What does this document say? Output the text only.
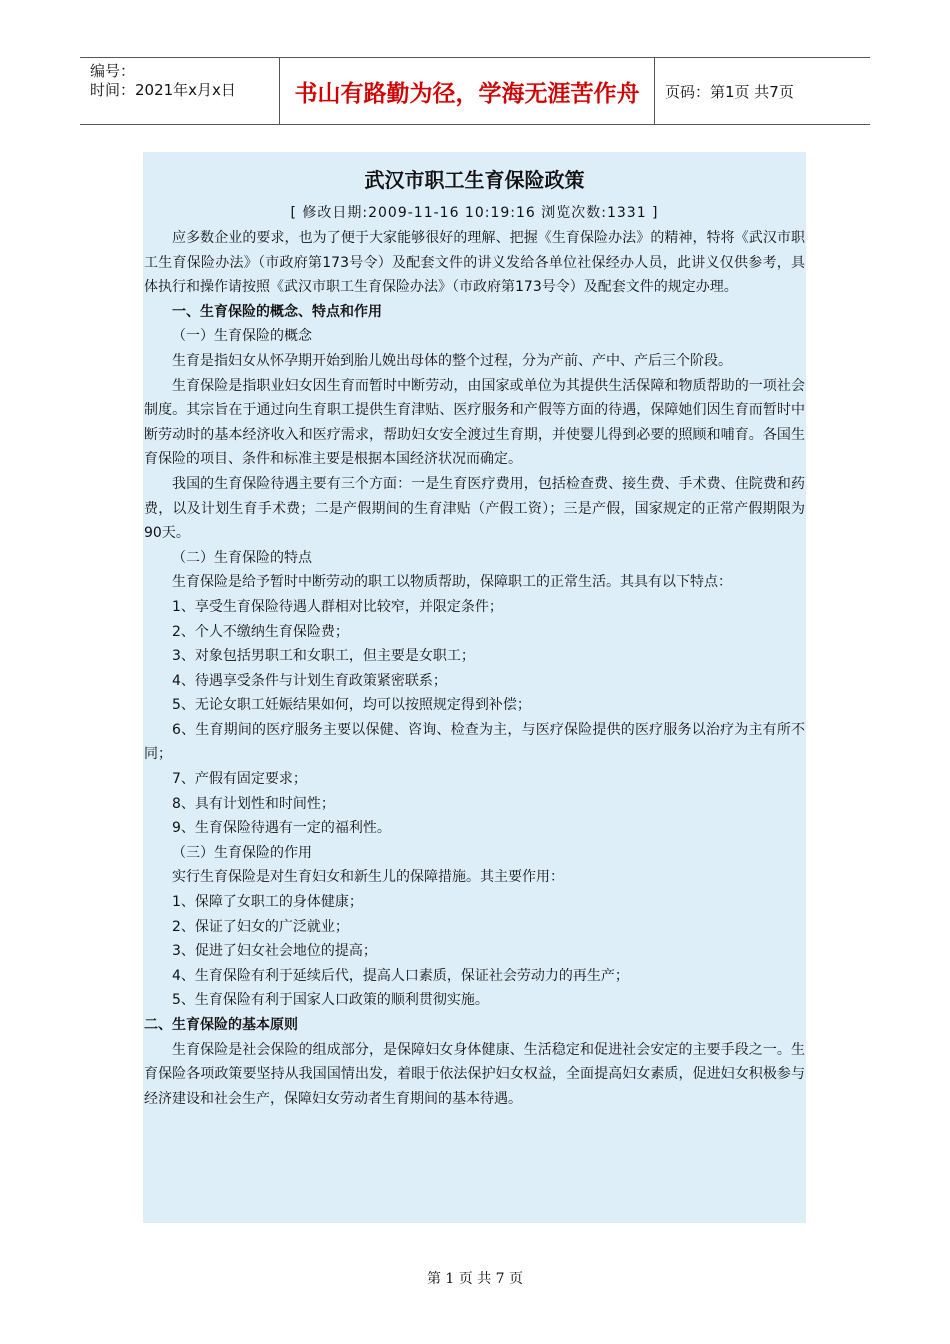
编号：
时间：2021年x月x日	书山有路勤为径，学海无涯苦作舟	页码：第1页 共7页
武汉市职工生育保险政策
[ 修改日期:2009-11-16 10:19:16 浏览次数:1331 ]

应多数企业的要求，也为了便于大家能够很好的理解、把握《生育保险办法》的精神，特将《武汉市职工生育保险办法》（市政府第173号令）及配套文件的讲义发给各单位社保经办人员，此讲义仅供参考，具体执行和操作请按照《武汉市职工生育保险办法》（市政府第173号令）及配套文件的规定办理。

一、生育保险的概念、特点和作用

（一）生育保险的概念

生育是指妇女从怀孕期开始到胎儿娩出母体的整个过程，分为产前、产中、产后三个阶段。

生育保险是指职业妇女因生育而暂时中断劳动，由国家或单位为其提供生活保障和物质帮助的一项社会制度。其宗旨在于通过向生育职工提供生育津贴、医疗服务和产假等方面的待遇，保障她们因生育而暂时中断劳动时的基本经济收入和医疗需求，帮助妇女安全渡过生育期，并使婴儿得到必要的照顾和哺育。各国生育保险的项目、条件和标准主要是根据本国经济状况而确定。

我国的生育保险待遇主要有三个方面：一是生育医疗费用，包括检查费、接生费、手术费、住院费和药费，以及计划生育手术费；二是产假期间的生育津贴（产假工资）；三是产假，国家规定的正常产假期限为90天。

（二）生育保险的特点

生育保险是给予暂时中断劳动的职工以物质帮助，保障职工的正常生活。其具有以下特点：

1、享受生育保险待遇人群相对比较窄，并限定条件；

2、个人不缴纳生育保险费；

3、对象包括男职工和女职工，但主要是女职工；

4、待遇享受条件与计划生育政策紧密联系；

5、无论女职工妊娠结果如何，均可以按照规定得到补偿；

6、生育期间的医疗服务主要以保健、咨询、检查为主，与医疗保险提供的医疗服务以治疗为主有所不同；

7、产假有固定要求；

8、具有计划性和时间性；

9、生育保险待遇有一定的福利性。

（三）生育保险的作用

实行生育保险是对生育妇女和新生儿的保障措施。其主要作用：

1、保障了女职工的身体健康；

2、保证了妇女的广泛就业；

3、促进了妇女社会地位的提高；

4、生育保险有利于延续后代，提高人口素质，保证社会劳动力的再生产；

5、生育保险有利于国家人口政策的顺利贯彻实施。

二、生育保险的基本原则

生育保险是社会保险的组成部分，是保障妇女身体健康、生活稳定和促进社会安定的主要手段之一。生育保险各项政策要坚持从我国国情出发，着眼于依法保护妇女权益，全面提高妇女素质，促进妇女积极参与经济建设和社会生产，保障妇女劳动者生育期间的基本待遇。

第 1 页 共 7 页
